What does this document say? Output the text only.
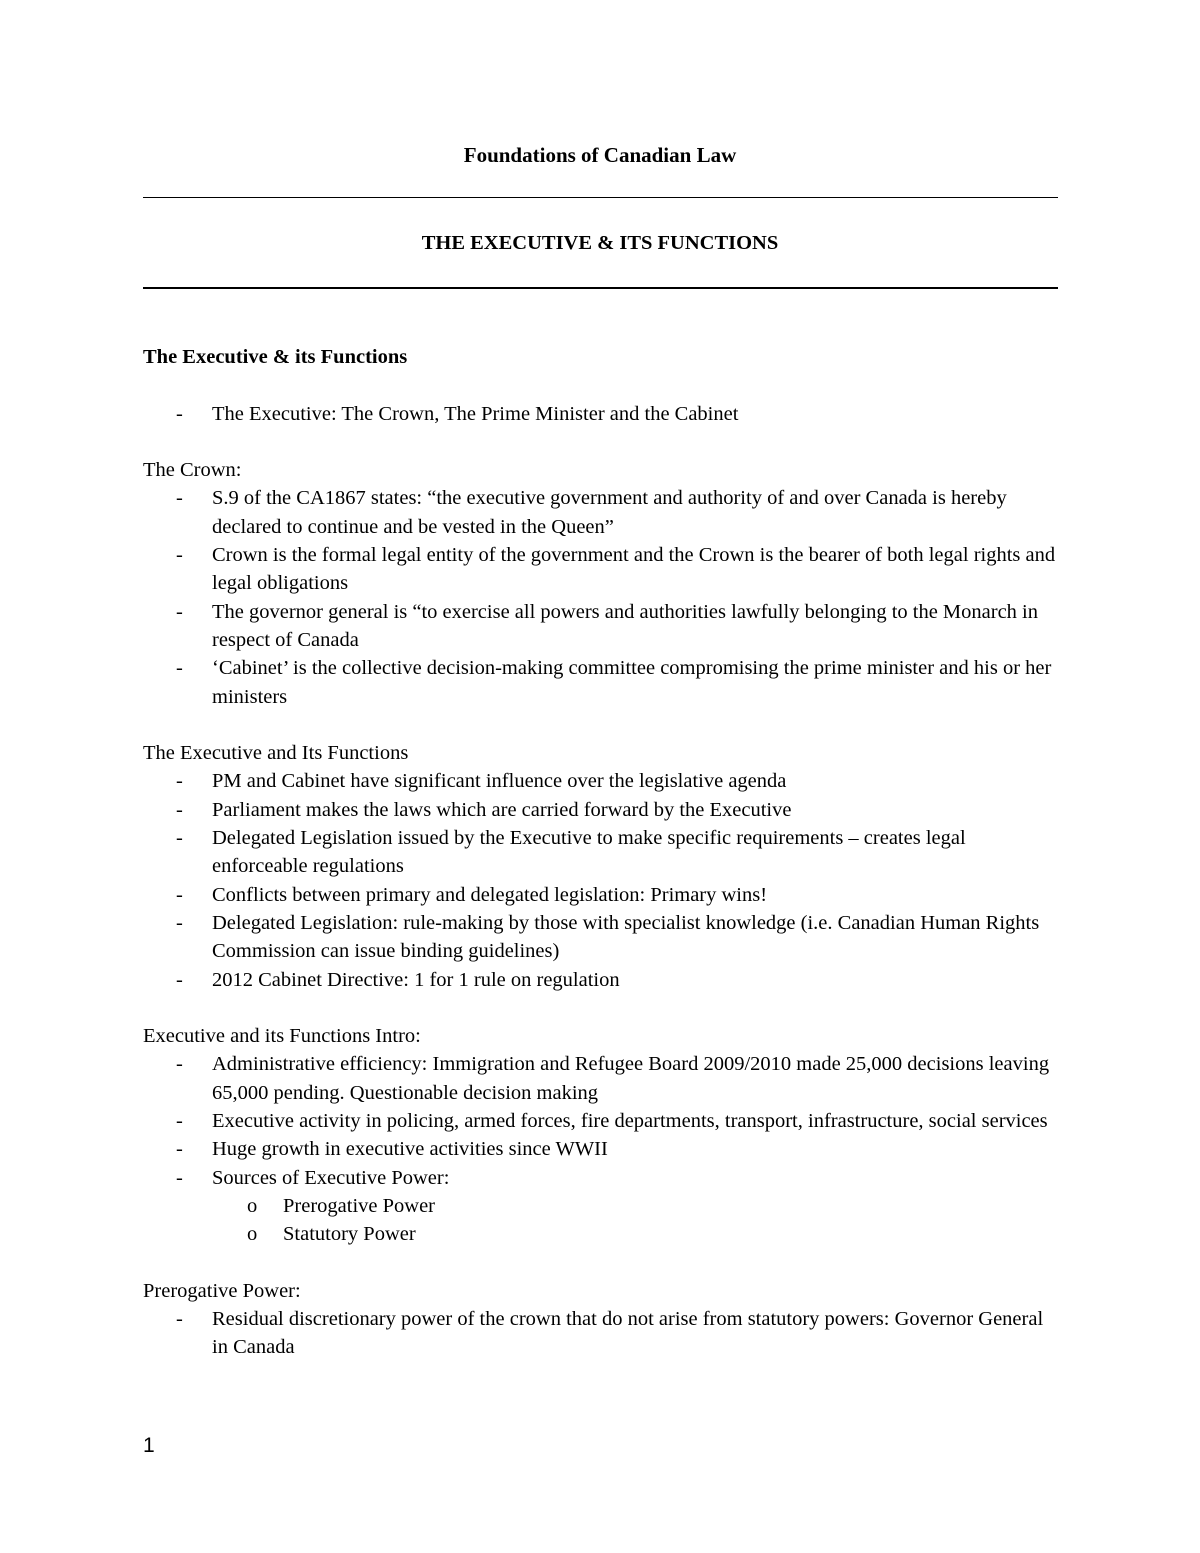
Foundations of Canadian Law
THE EXECUTIVE & ITS FUNCTIONS

The Executive & its Functions

- The Executive: The Crown, The Prime Minister and the Cabinet

The Crown:

- S.9 of the CA1867 states: “the executive government and authority of and over Canada is hereby declared to continue and be vested in the Queen”
- Crown is the formal legal entity of the government and the Crown is the bearer of both legal rights and legal obligations
- The governor general is “to exercise all powers and authorities lawfully belonging to the Monarch in respect of Canada
- ‘Cabinet’ is the collective decision-making committee compromising the prime minister and his or her ministers

The Executive and Its Functions

- PM and Cabinet have significant influence over the legislative agenda
- Parliament makes the laws which are carried forward by the Executive
- Delegated Legislation issued by the Executive to make specific requirements – creates legal enforceable regulations
- Conflicts between primary and delegated legislation: Primary wins!
- Delegated Legislation: rule-making by those with specialist knowledge (i.e. Canadian Human Rights Commission can issue binding guidelines)
- 2012 Cabinet Directive: 1 for 1 rule on regulation

Executive and its Functions Intro:

- Administrative efficiency: Immigration and Refugee Board 2009/2010 made 25,000 decisions leaving 65,000 pending. Questionable decision making
- Executive activity in policing, armed forces, fire departments, transport, infrastructure, social services
- Huge growth in executive activities since WWII
- Sources of Executive Power:
o Prerogative Power
o Statutory Power

Prerogative Power:

- Residual discretionary power of the crown that do not arise from statutory powers: Governor General in Canada
1
